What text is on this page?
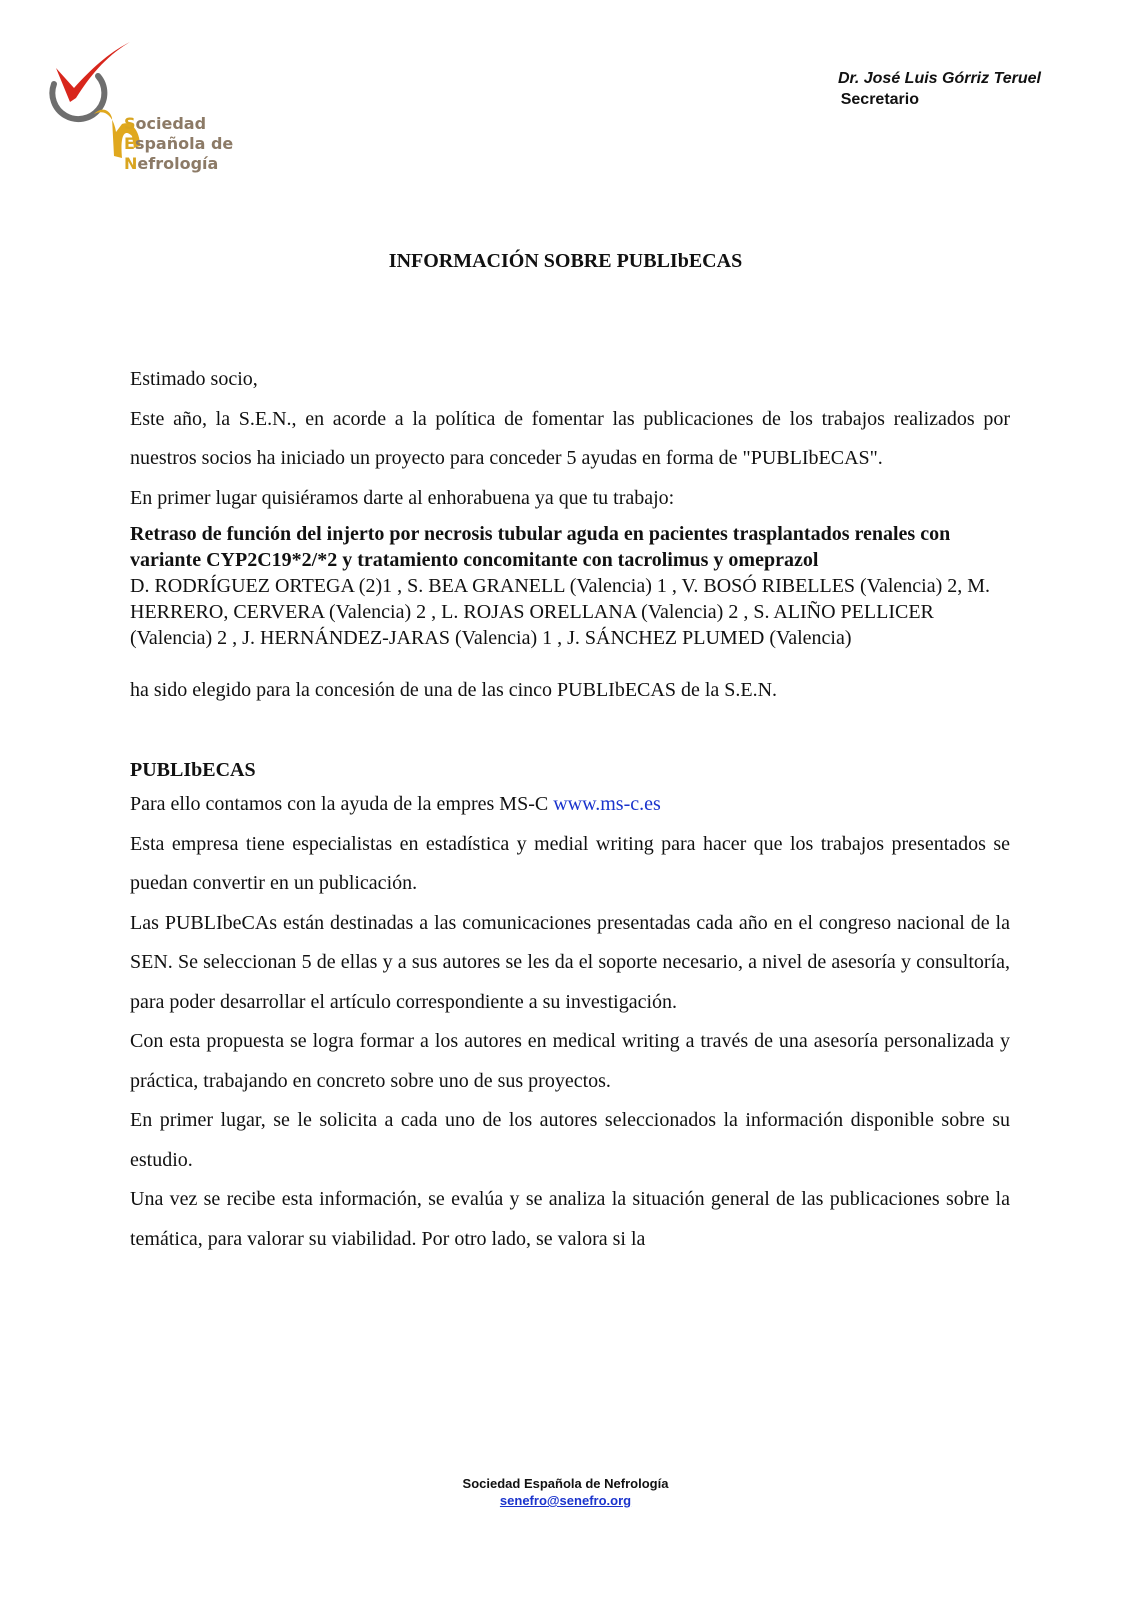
Sociedad
Española de
Nefrología
Dr. José Luis Górriz Teruel
Secretario
INFORMACIÓN SOBRE PUBLIbECAS

Estimado socio,

Este año, la S.E.N., en acorde a la política de fomentar las publicaciones de los trabajos realizados por nuestros socios ha iniciado un proyecto para conceder 5 ayudas en forma de "PUBLIbECAS".

En primer lugar quisiéramos darte al enhorabuena ya que tu trabajo:

Retraso de función del injerto por necrosis tubular aguda en pacientes trasplantados renales con variante CYP2C19*2/*2 y tratamiento concomitante con tacrolimus y omeprazol

D. RODRÍGUEZ ORTEGA (2)1 , S. BEA GRANELL (Valencia) 1 , V. BOSÓ RIBELLES (Valencia) 2, M. HERRERO, CERVERA (Valencia) 2 , L. ROJAS ORELLANA (Valencia) 2 , S. ALIÑO PELLICER (Valencia) 2 , J. HERNÁNDEZ-JARAS (Valencia) 1 , J. SÁNCHEZ PLUMED (Valencia)

ha sido elegido para la concesión de una de las cinco PUBLIbECAS de la S.E.N.

PUBLIbECAS

Para ello contamos con la ayuda de la empres MS-C www.ms-c.es

Esta empresa tiene especialistas en estadística y medial writing para hacer que los trabajos presentados se puedan convertir en un publicación.

Las PUBLIbeCAs están destinadas a las comunicaciones presentadas cada año en el congreso nacional de la SEN. Se seleccionan 5 de ellas y a sus autores se les da el soporte necesario, a nivel de asesoría y consultoría, para poder desarrollar el artículo correspondiente a su investigación.

Con esta propuesta se logra formar a los autores en medical writing a través de una asesoría personalizada y práctica, trabajando en concreto sobre uno de sus proyectos.

En primer lugar, se le solicita a cada uno de los autores seleccionados la información disponible sobre su estudio.

Una vez se recibe esta información, se evalúa y se analiza la situación general de las publicaciones sobre la temática, para valorar su viabilidad. Por otro lado, se valora si la

Sociedad Española de Nefrología
senefro@senefro.org
